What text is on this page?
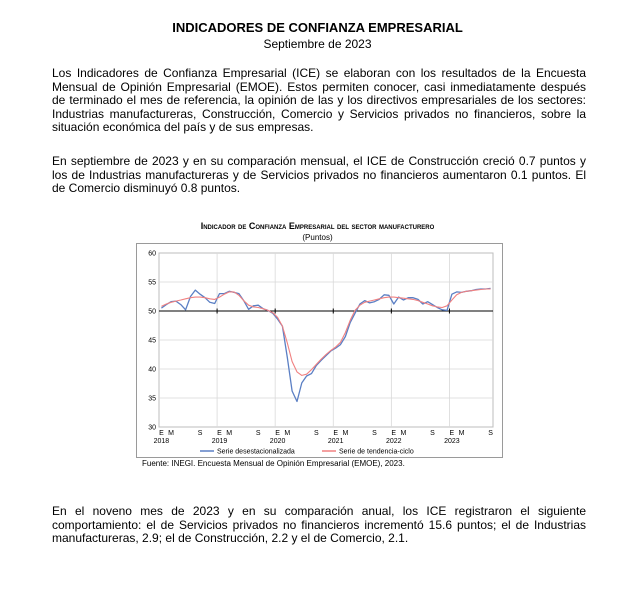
INDICADORES DE CONFIANZA EMPRESARIAL
Septiembre de 2023

Los Indicadores de Confianza Empresarial (ICE) se elaboran con los resultados de la Encuesta Mensual de Opinión Empresarial (EMOE). Estos permiten conocer, casi inmediatamente después de terminado el mes de referencia, la opinión de las y los directivos empresariales de los sectores: Industrias manufactureras, Construcción, Comercio y Servicios privados no financieros, sobre la situación económica del país y de sus empresas.

En septiembre de 2023 y en su comparación mensual, el ICE de Construcción creció 0.7 puntos y los de Industrias manufactureras y de Servicios privados no financieros aumentaron 0.1 puntos. El de Comercio disminuyó 0.8 puntos.

Indicador de Confianza Empresarial del sector manufacturero
(Puntos)
30
35
40
45
50
55
60
E M	S
2018
E M	S
2019
E M	S
2020
E M	S
2021
E M	S
2022
E M	S
2023
Serie desestacionalizada	Serie de tendencia-ciclo
Fuente: INEGI. Encuesta Mensual de Opinión Empresarial (EMOE), 2023.

En el noveno mes de 2023 y en su comparación anual, los ICE registraron el siguiente comportamiento: el de Servicios privados no financieros incrementó 15.6 puntos; el de Industrias manufactureras, 2.9; el de Construcción, 2.2 y el de Comercio, 2.1.
